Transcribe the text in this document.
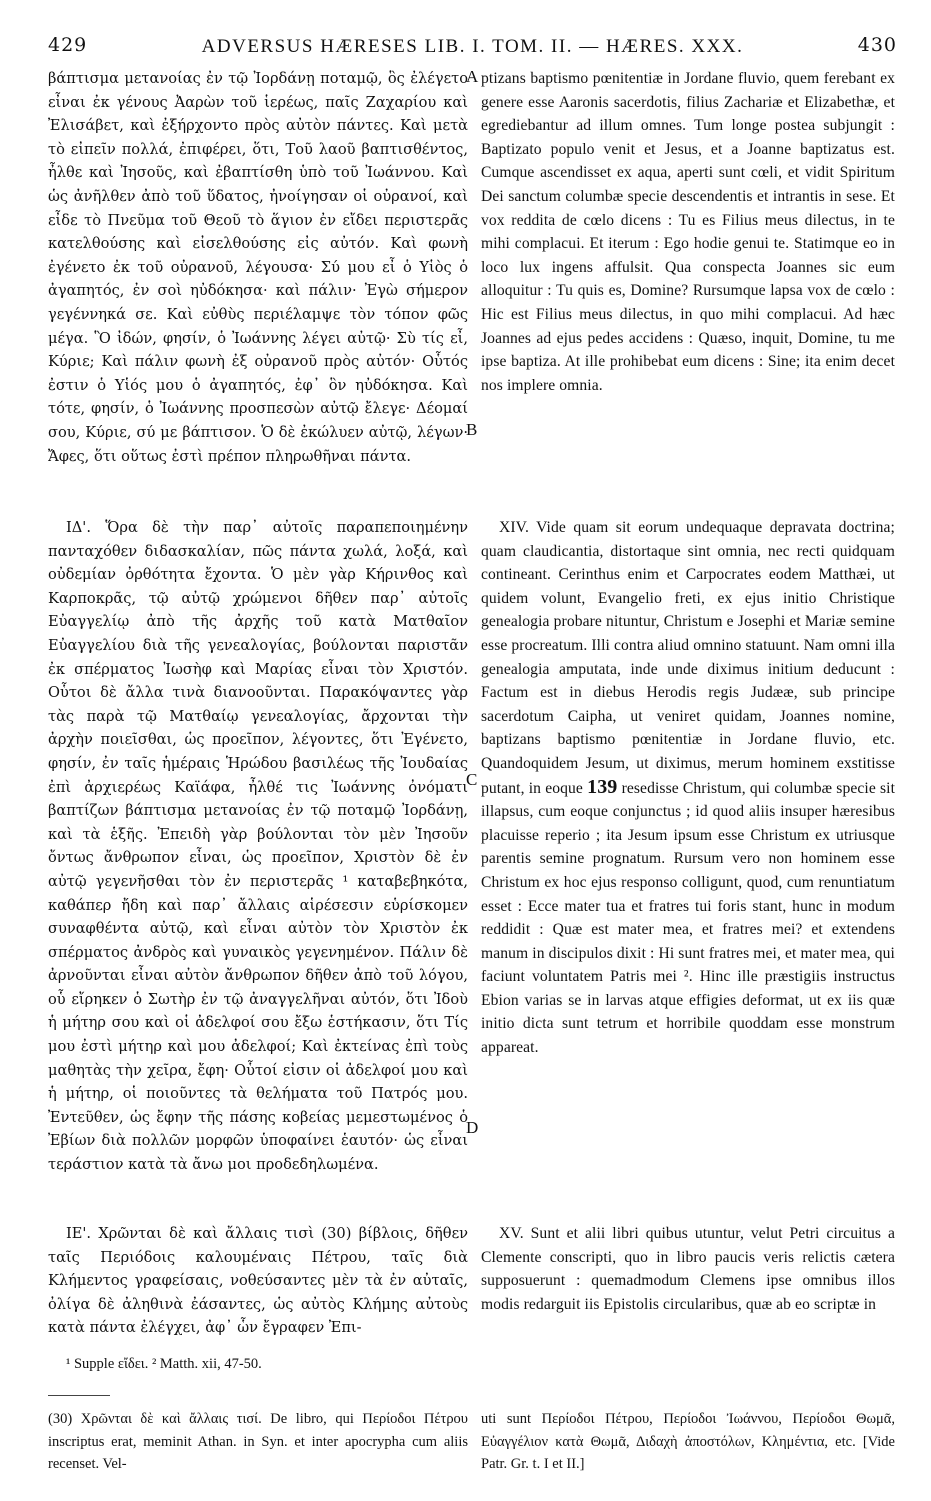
429	ADVERSUS HÆRESES LIB. I. TOM. II. — HÆRES. XXX.	430

βάπτισμα μετανοίας ἐν τῷ Ἰορδάνῃ ποταμῷ, ὃς ἐλέγετο εἶναι ἐκ γένους Ἀαρὼν τοῦ ἱερέως, παῖς Ζαχαρίου καὶ Ἐλισάβετ, καὶ ἐξήρχοντο πρὸς αὐτὸν πάντες. Καὶ μετὰ τὸ εἰπεῖν πολλά, ἐπιφέρει, ὅτι, Τοῦ λαοῦ βαπτισθέντος, ἦλθε καὶ Ἰησοῦς, καὶ ἐβαπτίσθη ὑπὸ τοῦ Ἰωάννου. Καὶ ὡς ἀνῆλθεν ἀπὸ τοῦ ὕδατος, ἠνοίγησαν οἱ οὐρανοί, καὶ εἶδε τὸ Πνεῦμα τοῦ Θεοῦ τὸ ἅγιον ἐν εἴδει περιστερᾶς κατελθούσης καὶ εἰσελθούσης εἰς αὐτόν. Καὶ φωνὴ ἐγένετο ἐκ τοῦ οὐρανοῦ, λέγουσα· Σύ μου εἶ ὁ Υἱὸς ὁ ἀγαπητός, ἐν σοὶ ηὐδόκησα· καὶ πάλιν· Ἐγὼ σήμερον γεγέννηκά σε. Καὶ εὐθὺς περιέλαμψε τὸν τόπον φῶς μέγα. Ὃ ἰδών, φησίν, ὁ Ἰωάννης λέγει αὐτῷ· Σὺ τίς εἶ, Κύριε; Καὶ πάλιν φωνὴ ἐξ οὐρανοῦ πρὸς αὐτόν· Οὗτός ἐστιν ὁ Υἱός μου ὁ ἀγαπητός, ἐφ᾽ ὃν ηὐδόκησα. Καὶ τότε, φησίν, ὁ Ἰωάννης προσπεσὼν αὐτῷ ἔλεγε· Δέομαί σου, Κύριε, σύ με βάπτισον. Ὁ δὲ ἐκώλυεν αὐτῷ, λέγων· Ἄφες, ὅτι οὕτως ἐστὶ πρέπον πληρωθῆναι πάντα.

ptizans baptismo pœnitentiæ in Jordane fluvio, quem ferebant ex genere esse Aaronis sacerdotis, filius Zachariæ et Elizabethæ, et egrediebantur ad illum omnes. Tum longe postea subjungit : Baptizato populo venit et Jesus, et a Joanne baptizatus est. Cumque ascendisset ex aqua, aperti sunt cœli, et vidit Spiritum Dei sanctum columbæ specie descendentis et intrantis in sese. Et vox reddita de cœlo dicens : Tu es Filius meus dilectus, in te mihi complacui. Et iterum : Ego hodie genui te. Statimque eo in loco lux ingens affulsit. Qua conspecta Joannes sic eum alloquitur : Tu quis es, Domine? Rursumque lapsa vox de cœlo : Hic est Filius meus dilectus, in quo mihi complacui. Ad hæc Joannes ad ejus pedes accidens : Quæso, inquit, Domine, tu me ipse baptiza. At ille prohibebat eum dicens : Sine; ita enim decet nos implere omnia.

A
B
C
D

ΙΔ'. Ὅρα δὲ τὴν παρ᾽ αὐτοῖς παραπεποιημένην πανταχόθεν διδασκαλίαν, πῶς πάντα χωλά, λοξά, καὶ οὐδεμίαν ὀρθότητα ἔχοντα. Ὁ μὲν γὰρ Κήρινθος καὶ Καρποκρᾶς, τῷ αὐτῷ χρώμενοι δῆθεν παρ᾽ αὐτοῖς Εὐαγγελίῳ ἀπὸ τῆς ἀρχῆς τοῦ κατὰ Ματθαῖον Εὐαγγελίου διὰ τῆς γενεαλογίας, βούλονται παριστᾶν ἐκ σπέρματος Ἰωσὴφ καὶ Μαρίας εἶναι τὸν Χριστόν. Οὗτοι δὲ ἄλλα τινὰ διανοοῦνται. Παρακόψαντες γὰρ τὰς παρὰ τῷ Ματθαίῳ γενεαλογίας, ἄρχονται τὴν ἀρχὴν ποιεῖσθαι, ὡς προεῖπον, λέγοντες, ὅτι Ἐγένετο, φησίν, ἐν ταῖς ἡμέραις Ἡρώδου βασιλέως τῆς Ἰουδαίας ἐπὶ ἀρχιερέως Καϊάφα, ἦλθέ τις Ἰωάννης ὀνόματι βαπτίζων βάπτισμα μετανοίας ἐν τῷ ποταμῷ Ἰορδάνῃ, καὶ τὰ ἑξῆς. Ἐπειδὴ γὰρ βούλονται τὸν μὲν Ἰησοῦν ὄντως ἄνθρωπον εἶναι, ὡς προεῖπον, Χριστὸν δὲ ἐν αὐτῷ γεγενῆσθαι τὸν ἐν περιστερᾶς ¹ καταβεβηκότα, καθάπερ ἤδη καὶ παρ᾽ ἄλλαις αἱρέσεσιν εὑρίσκομεν συναφθέντα αὐτῷ, καὶ εἶναι αὐτὸν τὸν Χριστὸν ἐκ σπέρματος ἀνδρὸς καὶ γυναικὸς γεγενημένον. Πάλιν δὲ ἀρνοῦνται εἶναι αὐτὸν ἄνθρωπον δῆθεν ἀπὸ τοῦ λόγου, οὗ εἴρηκεν ὁ Σωτὴρ ἐν τῷ ἀναγγελῆναι αὐτόν, ὅτι Ἰδοὺ ἡ μήτηρ σου καὶ οἱ ἀδελφοί σου ἔξω ἑστήκασιν, ὅτι Τίς μου ἐστὶ μήτηρ καὶ μου ἀδελφοί; Καὶ ἐκτείνας ἐπὶ τοὺς μαθητὰς τὴν χεῖρα, ἔφη· Οὗτοί εἰσιν οἱ ἀδελφοί μου καὶ ἡ μήτηρ, οἱ ποιοῦντες τὰ θελήματα τοῦ Πατρός μου. Ἐντεῦθεν, ὡς ἔφην τῆς πάσης κοβείας μεμεστωμένος ὁ Ἐβίων διὰ πολλῶν μορφῶν ὑποφαίνει ἑαυτόν· ὡς εἶναι τεράστιον κατὰ τὰ ἄνω μοι προδεδηλωμένα.

XIV. Vide quam sit eorum undequaque depravata doctrina; quam claudicantia, distortaque sint omnia, nec recti quidquam contineant. Cerinthus enim et Carpocrates eodem Matthæi, ut quidem volunt, Evangelio freti, ex ejus initio Christique genealogia probare nituntur, Christum e Josephi et Mariæ semine esse procreatum. Illi contra aliud omnino statuunt. Nam omni illa genealogia amputata, inde unde diximus initium deducunt : Factum est in diebus Herodis regis Judææ, sub principe sacerdotum Caipha, ut veniret quidam, Joannes nomine, baptizans baptismo pœnitentiæ in Jordane fluvio, etc. Quandoquidem Jesum, ut diximus, merum hominem exstitisse putant, in eoque 139 resedisse Christum, qui columbæ specie sit illapsus, cum eoque conjunctus ; id quod aliis insuper hæresibus placuisse reperio ; ita Jesum ipsum esse Christum ex utriusque parentis semine prognatum. Rursum vero non hominem esse Christum ex hoc ejus responso colligunt, quod, cum renuntiatum esset : Ecce mater tua et fratres tui foris stant, hunc in modum reddidit : Quæ est mater mea, et fratres mei? et extendens manum in discipulos dixit : Hi sunt fratres mei, et mater mea, qui faciunt voluntatem Patris mei ². Hinc ille præstigiis instructus Ebion varias se in larvas atque effigies deformat, ut ex iis quæ initio dicta sunt tetrum et horribile quoddam esse monstrum appareat.

ΙΕ'. Χρῶνται δὲ καὶ ἄλλαις τισὶ (30) βίβλοις, δῆθεν ταῖς Περιόδοις καλουμέναις Πέτρου, ταῖς διὰ Κλήμεντος γραφείσαις, νοθεύσαντες μὲν τὰ ἐν αὐταῖς, ὀλίγα δὲ ἀληθινὰ ἐάσαντες, ὡς αὐτὸς Κλήμης αὐτοὺς κατὰ πάντα ἐλέγχει, ἀφ᾽ ὧν ἔγραφεν Ἐπι-

XV. Sunt et alii libri quibus utuntur, velut Petri circuitus a Clemente conscripti, quo in libro paucis veris relictis cætera supposuerunt : quemadmodum Clemens ipse omnibus illos modis redarguit iis Epistolis circularibus, quæ ab eo scriptæ in

¹ Supple εἴδει. ² Matth. xii, 47-50.

(30) Χρῶνται δὲ καὶ ἄλλαις τισί. De libro, qui Περίοδοι Πέτρου inscriptus erat, meminit Athan. in Syn. et inter apocrypha cum aliis recenset. Vel-

uti sunt Περίοδοι Πέτρου, Περίοδοι Ἰωάννου, Περίοδοι Θωμᾶ, Εὐαγγέλιον κατὰ Θωμᾶ, Διδαχὴ ἀποστόλων, Κλημέντια, etc. [Vide Patr. Gr. t. I et II.]
